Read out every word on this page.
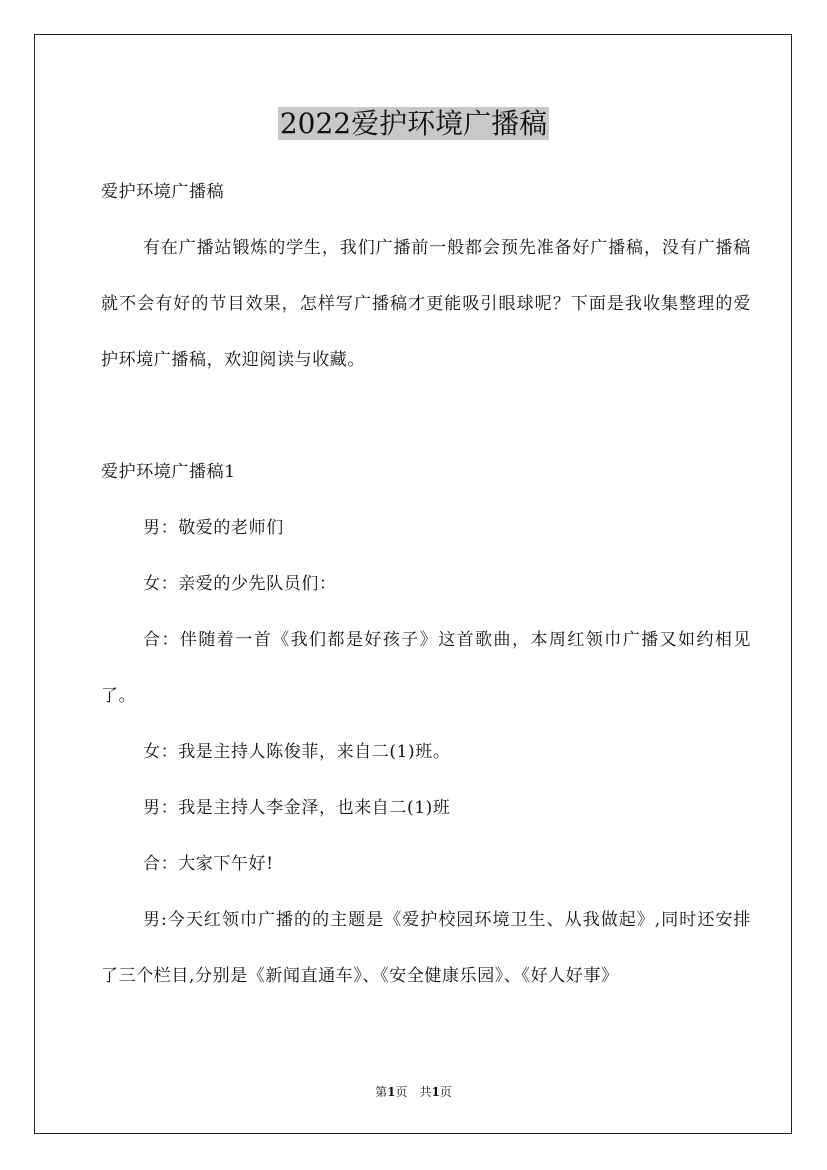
2022爱护环境广播稿

爱护环境广播稿

有在广播站锻炼的学生，我们广播前一般都会预先准备好广播稿，没有广播稿就不会有好的节目效果，怎样写广播稿才更能吸引眼球呢？下面是我收集整理的爱护环境广播稿，欢迎阅读与收藏。

爱护环境广播稿1

男：敬爱的老师们

女：亲爱的少先队员们：

合：伴随着一首《我们都是好孩子》这首歌曲，本周红领巾广播又如约相见了。

女：我是主持人陈俊菲，来自二(1)班。

男：我是主持人李金泽，也来自二(1)班

合：大家下午好!

男:今天红领巾广播的的主题是《爱护校园环境卫生、从我做起》,同时还安排了三个栏目,分别是《新闻直通车》、《安全健康乐园》、《好人好事》

第1页　共1页
